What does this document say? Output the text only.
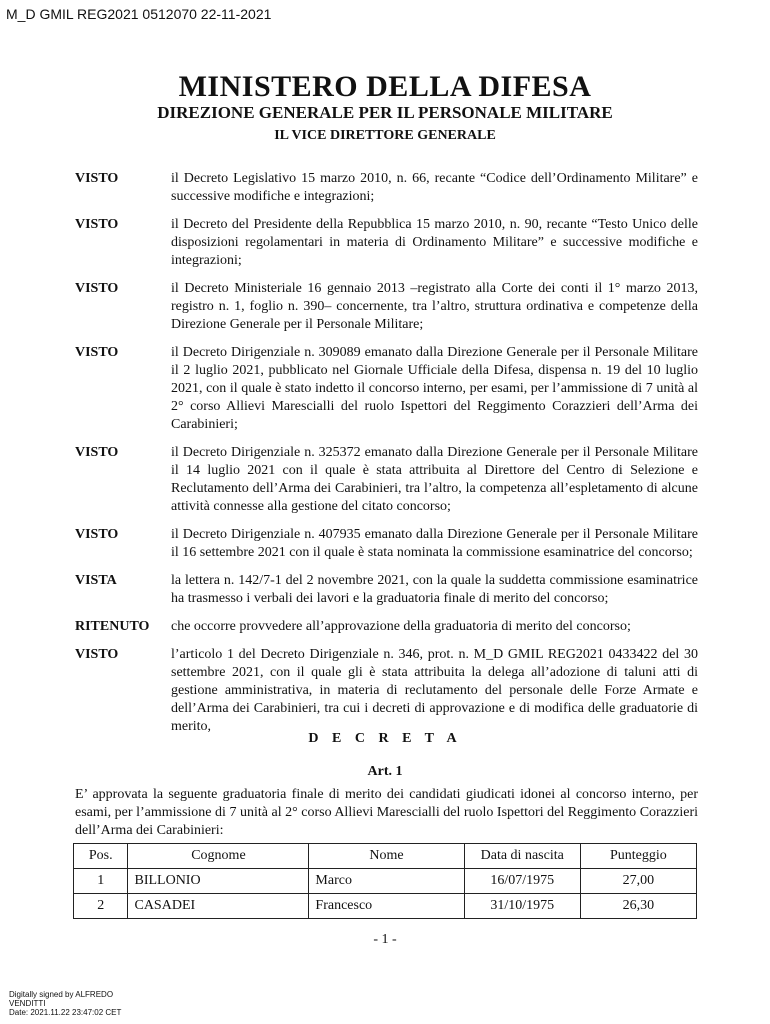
M_D GMIL REG2021 0512070 22-11-2021
MINISTERO DELLA DIFESA
DIREZIONE GENERALE PER IL PERSONALE MILITARE
IL VICE DIRETTORE GENERALE
VISTO	il Decreto Legislativo 15 marzo 2010, n. 66, recante “Codice dell’Ordinamento Militare” e successive modifiche e integrazioni;
VISTO	il Decreto del Presidente della Repubblica 15 marzo 2010, n. 90, recante “Testo Unico delle disposizioni regolamentari in materia di Ordinamento Militare” e successive modifiche e integrazioni;
VISTO	il Decreto Ministeriale 16 gennaio 2013 –registrato alla Corte dei conti il 1° marzo 2013, registro n. 1, foglio n. 390– concernente, tra l’altro, struttura ordinativa e competenze della Direzione Generale per il Personale Militare;
VISTO	il Decreto Dirigenziale n. 309089 emanato dalla Direzione Generale per il Personale Militare il 2 luglio 2021, pubblicato nel Giornale Ufficiale della Difesa, dispensa n. 19 del 10 luglio 2021, con il quale è stato indetto il concorso interno, per esami, per l’ammissione di 7 unità al 2° corso Allievi Marescialli del ruolo Ispettori del Reggimento Corazzieri dell’Arma dei Carabinieri;
VISTO	il Decreto Dirigenziale n. 325372 emanato dalla Direzione Generale per il Personale Militare il 14 luglio 2021 con il quale è stata attribuita al Direttore del Centro di Selezione e Reclutamento dell’Arma dei Carabinieri, tra l’altro, la competenza all’espletamento di alcune attività connesse alla gestione del citato concorso;
VISTO	il Decreto Dirigenziale n. 407935 emanato dalla Direzione Generale per il Personale Militare il 16 settembre 2021 con il quale è stata nominata la commissione esaminatrice del concorso;
VISTA	la lettera n. 142/7-1 del 2 novembre 2021, con la quale la suddetta commissione esaminatrice ha trasmesso i verbali dei lavori e la graduatoria finale di merito del concorso;
RITENUTO	che occorre provvedere all’approvazione della graduatoria di merito del concorso;
VISTO	l’articolo 1 del Decreto Dirigenziale n. 346, prot. n. M_D GMIL REG2021 0433422 del 30 settembre 2021, con il quale gli è stata attribuita la delega all’adozione di taluni atti di gestione amministrativa, in materia di reclutamento del personale delle Forze Armate e dell’Arma dei Carabinieri, tra cui i decreti di approvazione e di modifica delle graduatorie di merito,
D E C R E T A
Art. 1
E’ approvata la seguente graduatoria finale di merito dei candidati giudicati idonei al concorso interno, per esami, per l’ammissione di 7 unità al 2° corso Allievi Marescialli del ruolo Ispettori del Reggimento Corazzieri dell’Arma dei Carabinieri:
Pos.	Cognome	Nome	Data di nascita	Punteggio
1	BILLONIO	Marco	16/07/1975	27,00
2	CASADEI	Francesco	31/10/1975	26,30
- 1 -
Digitally signed by ALFREDO
VENDITTI
Date: 2021.11.22 23:47:02 CET
